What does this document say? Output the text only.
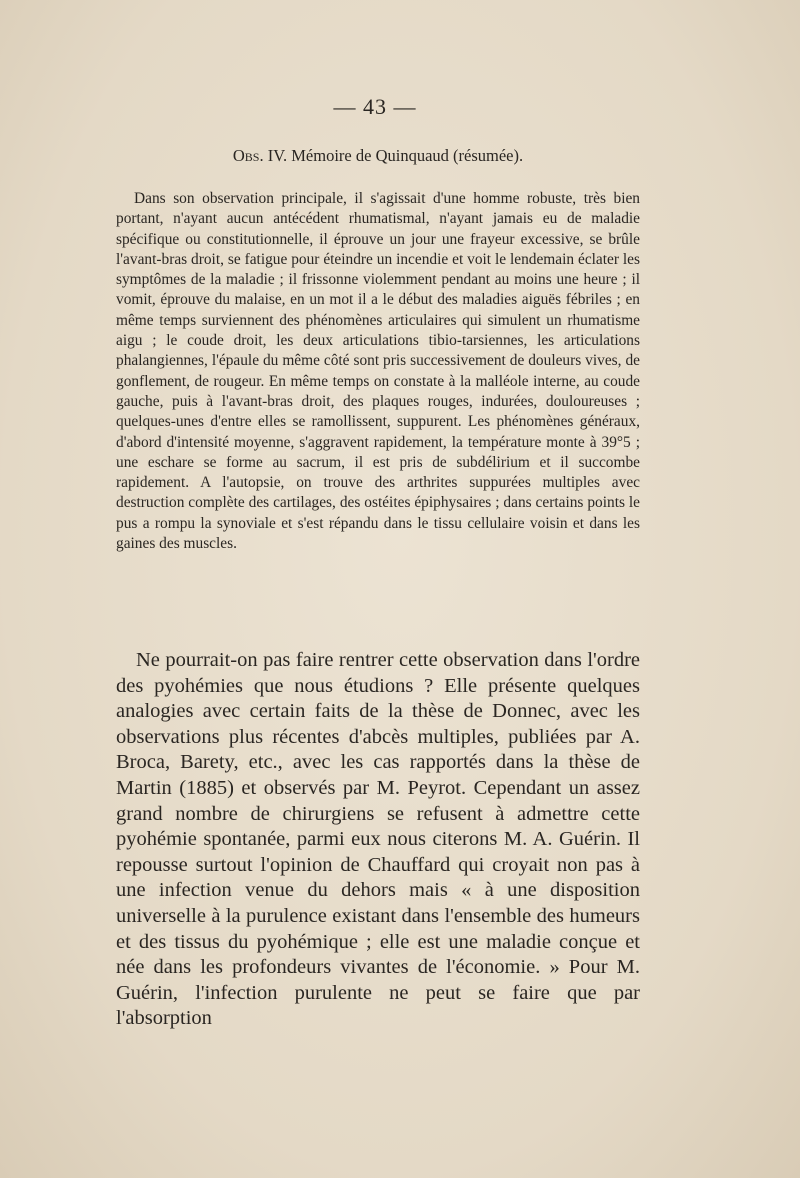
— 43 —
Obs. IV. Mémoire de Quinquaud (résumée).

Dans son observation principale, il s'agissait d'une homme robuste, très bien portant, n'ayant aucun antécédent rhumatismal, n'ayant jamais eu de maladie spécifique ou constitutionnelle, il éprouve un jour une frayeur excessive, se brûle l'avant-bras droit, se fatigue pour éteindre un incendie et voit le lendemain éclater les symptômes de la maladie ; il frissonne violemment pendant au moins une heure ; il vomit, éprouve du malaise, en un mot il a le début des maladies aiguës fébriles ; en même temps surviennent des phénomènes articulaires qui simulent un rhumatisme aigu ; le coude droit, les deux articulations tibio-tarsiennes, les articulations phalangiennes, l'épaule du même côté sont pris successivement de douleurs vives, de gonflement, de rougeur. En même temps on constate à la malléole interne, au coude gauche, puis à l'avant-bras droit, des plaques rouges, indurées, douloureuses ; quelques-unes d'entre elles se ramollissent, suppurent. Les phénomènes généraux, d'abord d'intensité moyenne, s'aggravent rapidement, la température monte à 39°5 ; une eschare se forme au sacrum, il est pris de subdélirium et il succombe rapidement. A l'autopsie, on trouve des arthrites suppurées multiples avec destruction complète des cartilages, des ostéites épiphysaires ; dans certains points le pus a rompu la synoviale et s'est répandu dans le tissu cellulaire voisin et dans les gaines des muscles.

Ne pourrait-on pas faire rentrer cette observation dans l'ordre des pyohémies que nous étudions ? Elle présente quelques analogies avec certain faits de la thèse de Donnec, avec les observations plus récentes d'abcès multiples, publiées par A. Broca, Barety, etc., avec les cas rapportés dans la thèse de Martin (1885) et observés par M. Peyrot. Cependant un assez grand nombre de chirurgiens se refusent à admettre cette pyohémie spontanée, parmi eux nous citerons M. A. Guérin. Il repousse surtout l'opinion de Chauffard qui croyait non pas à une infection venue du dehors mais « à une disposition universelle à la purulence existant dans l'ensemble des humeurs et des tissus du pyohémique ; elle est une maladie conçue et née dans les profondeurs vivantes de l'économie. » Pour M. Guérin, l'infection purulente ne peut se faire que par l'absorption
